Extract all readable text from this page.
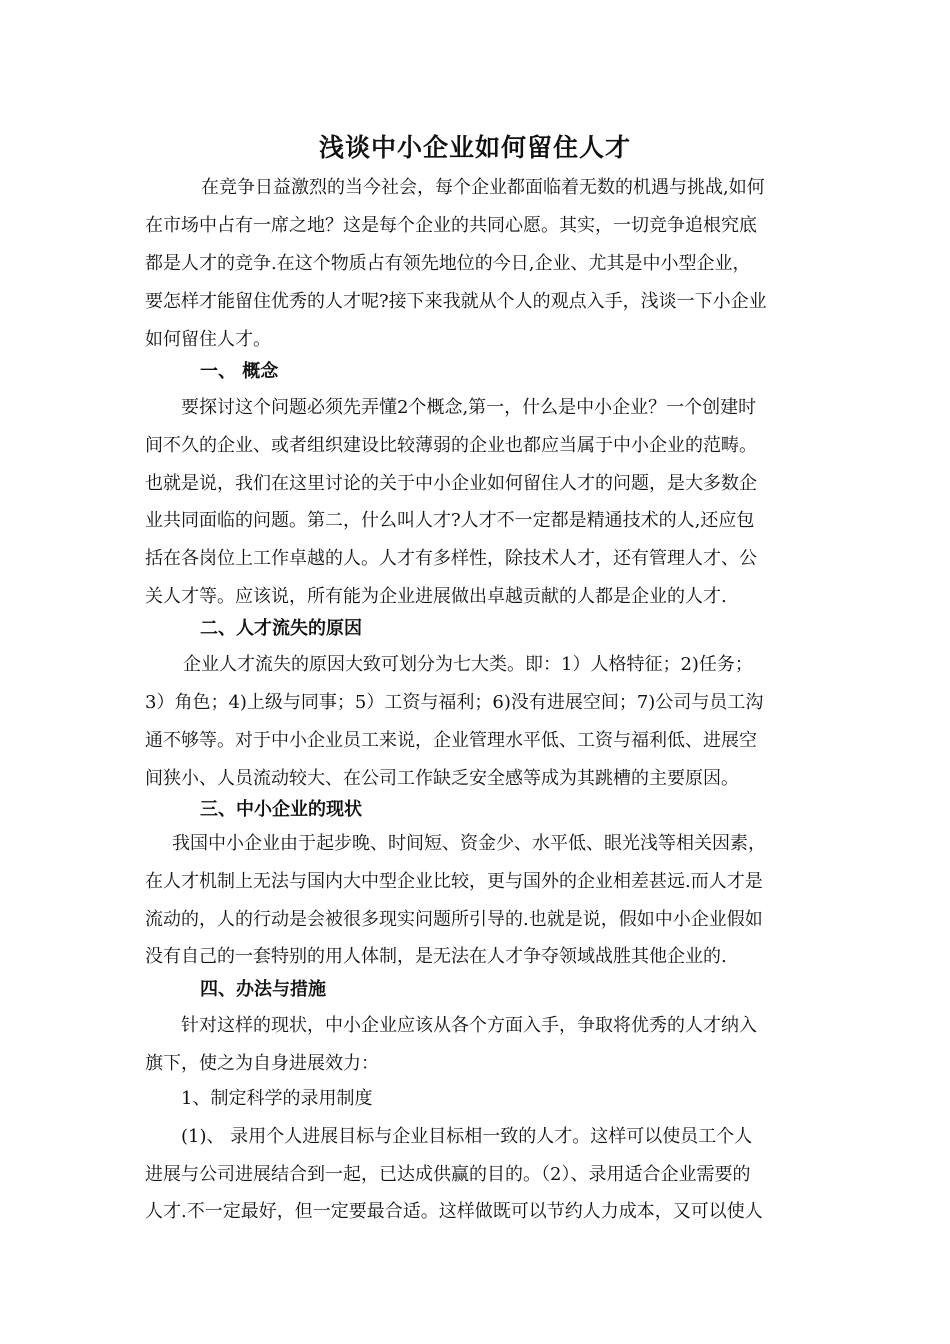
浅谈中小企业如何留住人才
在竞争日益激烈的当今社会，每个企业都面临着无数的机遇与挑战,如何
在市场中占有一席之地？这是每个企业的共同心愿。其实，一切竞争追根究底
都是人才的竞争.在这个物质占有领先地位的今日,企业、尤其是中小型企业，
要怎样才能留住优秀的人才呢?接下来我就从个人的观点入手，浅谈一下小企业
如何留住人才。
一、 概念
要探讨这个问题必须先弄懂2个概念,第一，什么是中小企业？一个创建时
间不久的企业、或者组织建设比较薄弱的企业也都应当属于中小企业的范畴。
也就是说，我们在这里讨论的关于中小企业如何留住人才的问题，是大多数企
业共同面临的问题。第二，什么叫人才?人才不一定都是精通技术的人,还应包
括在各岗位上工作卓越的人。人才有多样性，除技术人才，还有管理人才、公
关人才等。应该说，所有能为企业进展做出卓越贡献的人都是企业的人才.
二、人才流失的原因
企业人才流失的原因大致可划分为七大类。即：1）人格特征；2)任务；
3）角色；4)上级与同事；5）工资与福利；6)没有进展空间；7)公司与员工沟
通不够等。对于中小企业员工来说，企业管理水平低、工资与福利低、进展空
间狭小、人员流动较大、在公司工作缺乏安全感等成为其跳槽的主要原因。
三、中小企业的现状
我国中小企业由于起步晚、时间短、资金少、水平低、眼光浅等相关因素，
在人才机制上无法与国内大中型企业比较，更与国外的企业相差甚远.而人才是
流动的，人的行动是会被很多现实问题所引导的.也就是说，假如中小企业假如
没有自己的一套特别的用人体制，是无法在人才争夺领域战胜其他企业的.
四、办法与措施
针对这样的现状，中小企业应该从各个方面入手，争取将优秀的人才纳入
旗下，使之为自身进展效力：
1、制定科学的录用制度
(1)、 录用个人进展目标与企业目标相一致的人才。这样可以使员工个人
进展与公司进展结合到一起，已达成供赢的目的。（2）、录用适合企业需要的
人才.不一定最好，但一定要最合适。这样做既可以节约人力成本，又可以使人
